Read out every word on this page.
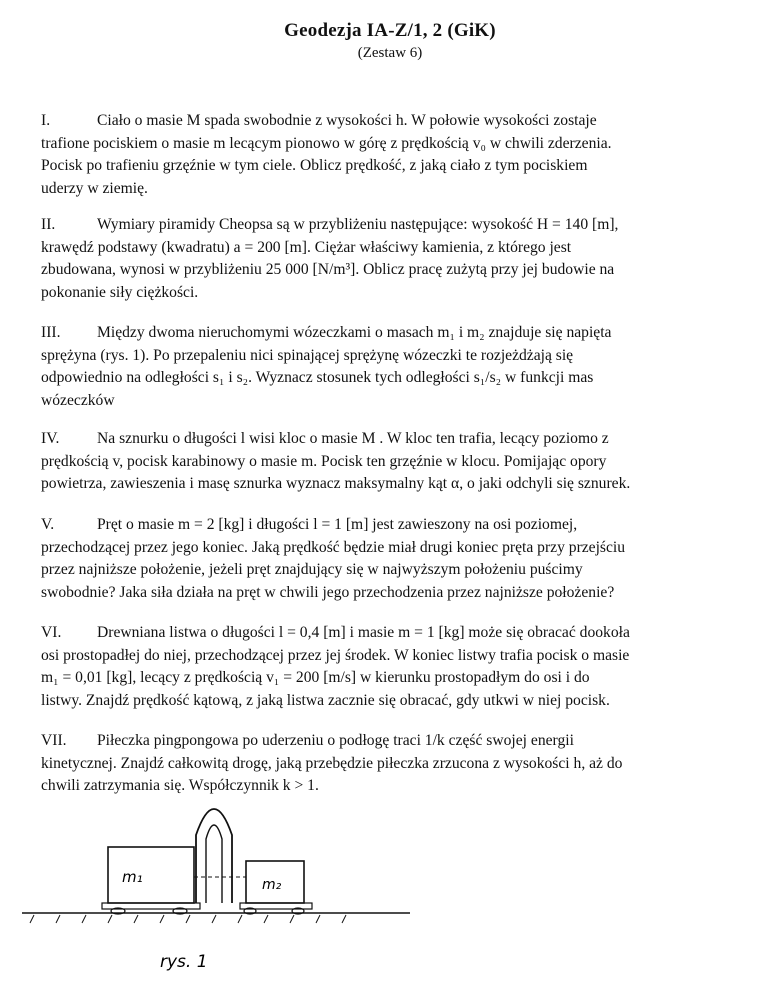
Geodezja IA-Z/1, 2 (GiK)
(Zestaw 6)
I.	Ciało o masie M spada swobodnie z wysokości h. W połowie wysokości zostaje
trafione pociskiem o masie m lecącym pionowo w górę z prędkością v₀ w chwili zderzenia.
Pocisk po trafieniu grzęźnie w tym ciele. Oblicz prędkość, z jaką ciało z tym pociskiem
uderzy w ziemię.
II.	Wymiary piramidy Cheopsa są w przybliżeniu następujące: wysokość H = 140 [m],
krawędź podstawy (kwadratu) a = 200 [m]. Ciężar właściwy kamienia, z którego jest
zbudowana, wynosi w przybliżeniu 25 000 [N/m³]. Oblicz pracę zużytą przy jej budowie na
pokonanie siły ciężkości.
III. Między dwoma nieruchomymi wózeczkami o masach m₁ i m₂ znajduje się napięta
sprężyna (rys. 1). Po przepaleniu nici spinającej sprężynę wózeczki te rozjeżdżają się
odpowiednio na odległości s₁ i s₂. Wyznacz stosunek tych odległości s₁/s₂ w funkcji mas
wózeczków
IV. Na sznurku o długości l wisi kloc o masie M . W kloc ten trafia, lecący poziomo z
prędkością v, pocisk karabinowy o masie m. Pocisk ten grzęźnie w klocu. Pomijając opory
powietrza, zawieszenia i masę sznurka wyznacz maksymalny kąt α, o jaki odchyli się sznurek.
V.	Pręt o masie m = 2 [kg] i długości l = 1 [m] jest zawieszony na osi poziomej,
przechodzącej przez jego koniec. Jaką prędkość będzie miał drugi koniec pręta przy przejściu
przez najniższe położenie, jeżeli pręt znajdujący się w najwyższym położeniu puścimy
swobodnie? Jaka siła działa na pręt w chwili jego przechodzenia przez najniższe położenie?
VI. Drewniana listwa o długości l = 0,4 [m] i masie m = 1 [kg] może się obracać dookoła
osi prostopadłej do niej, przechodzącej przez jej środek. W koniec listwy trafia pocisk o masie
m₁ = 0,01 [kg], lecący z prędkością v₁ = 200 [m/s] w kierunku prostopadłym do osi i do
listwy. Znajdź prędkość kątową, z jaką listwa zacznie się obracać, gdy utkwi w niej pocisk.
VII. Piłeczka pingpongowa po uderzeniu o podłogę traci 1/k część swojej energii
kinetycznej. Znajdź całkowitą drogę, jaką przebędzie piłeczka zrzucona z wysokości h, aż do
chwili zatrzymania się. Współczynnik k > 1.
m₁	m₂
rys. 1
